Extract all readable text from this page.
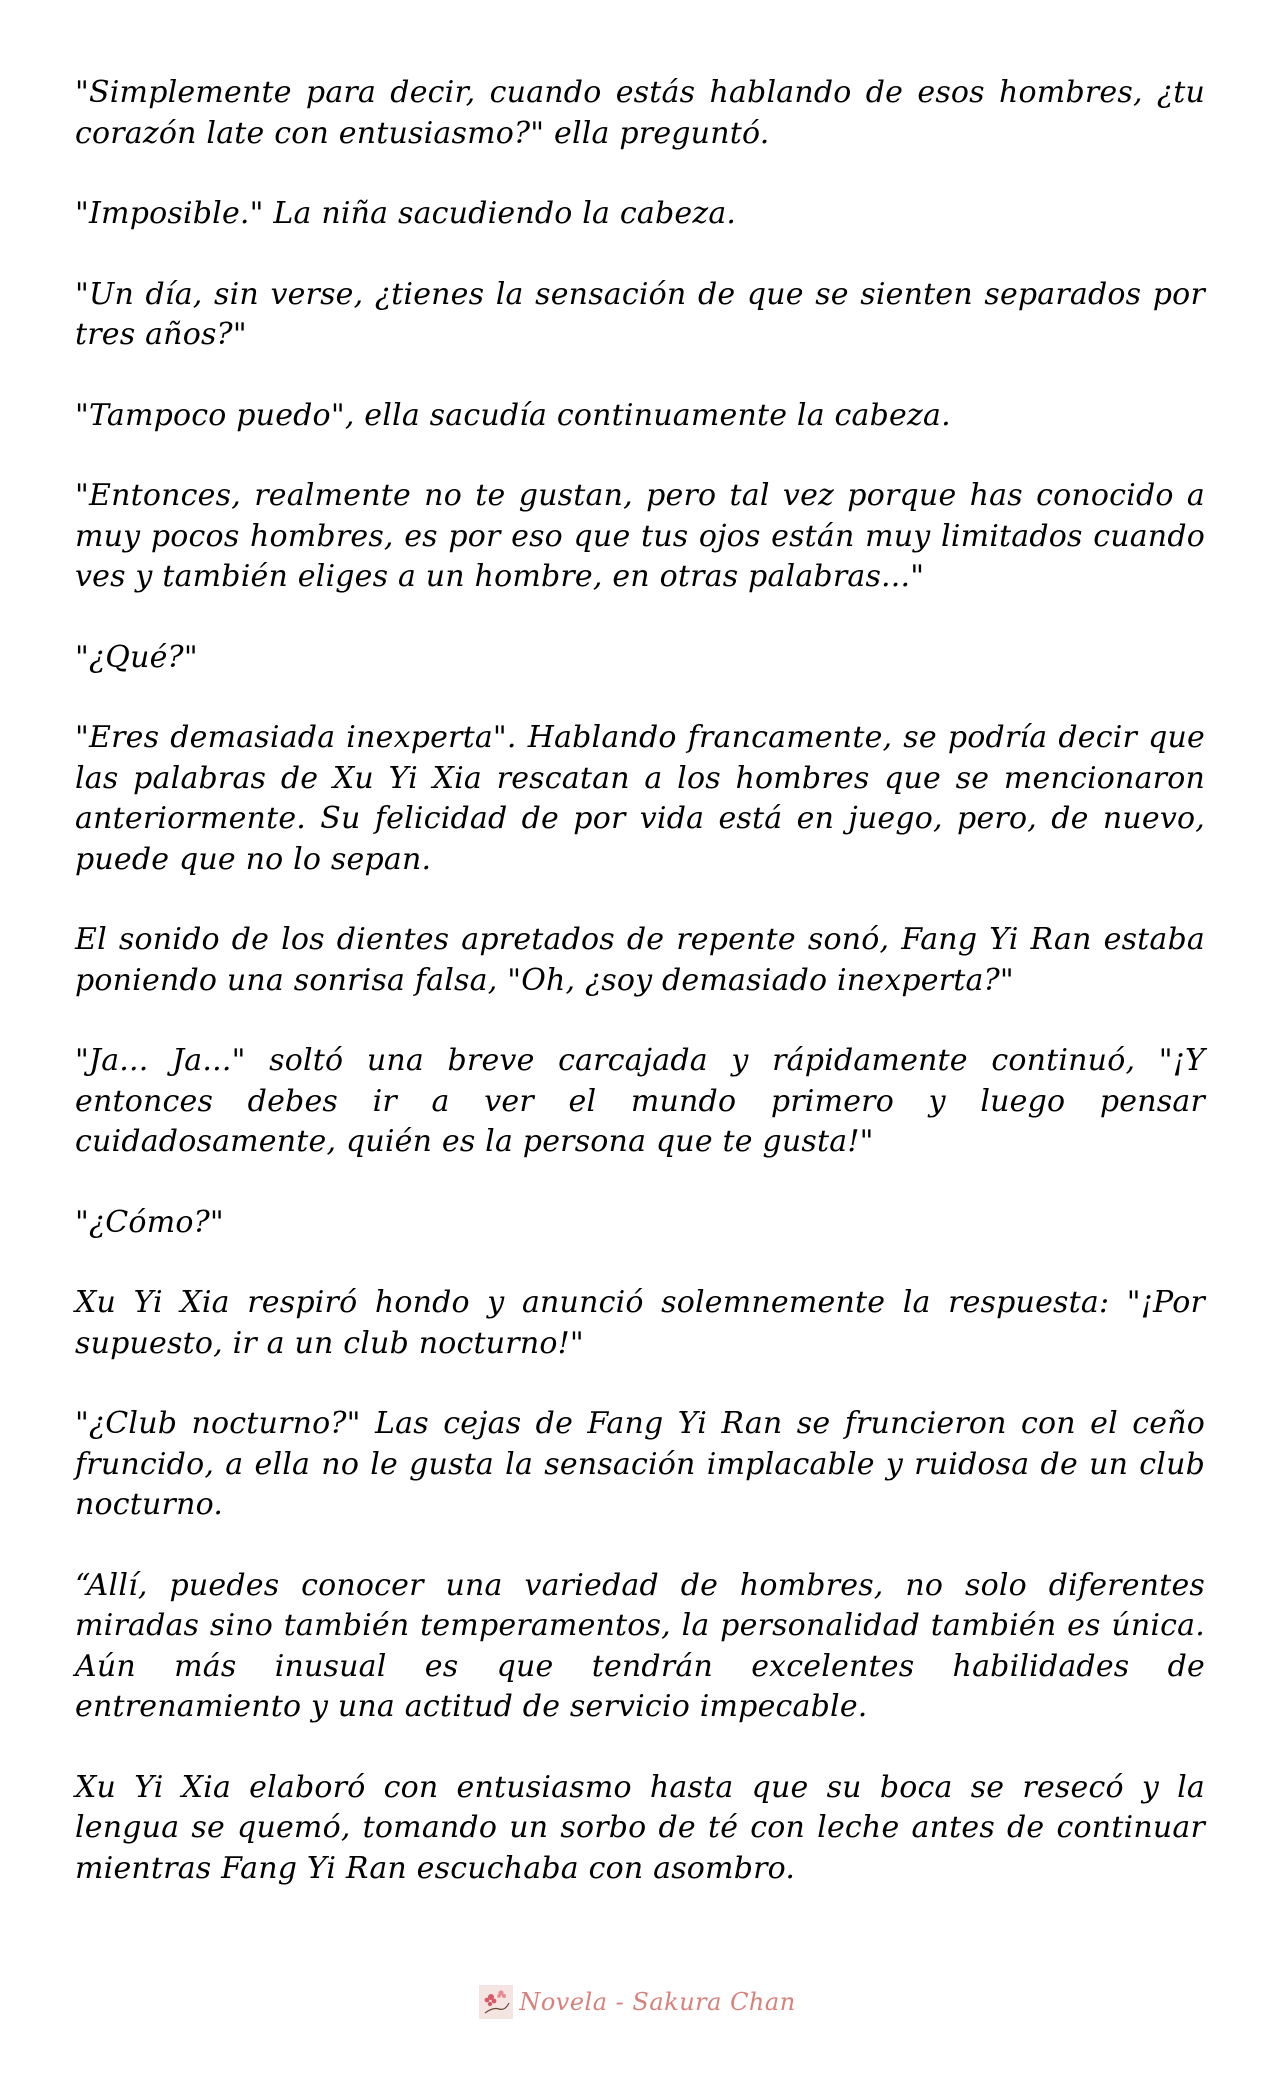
"Simplemente para decir, cuando estás hablando de esos hombres, ¿tu corazón late con entusiasmo?" ella preguntó.

"Imposible." La niña sacudiendo la cabeza.

"Un día, sin verse, ¿tienes la sensación de que se sienten separados por tres años?"

"Tampoco puedo", ella sacudía continuamente la cabeza.

"Entonces, realmente no te gustan, pero tal vez porque has conocido a muy pocos hombres, es por eso que tus ojos están muy limitados cuando ves y también eliges a un hombre, en otras palabras..."

"¿Qué?"

"Eres demasiada inexperta". Hablando francamente, se podría decir que las palabras de Xu Yi Xia rescatan a los hombres que se mencionaron anteriormente. Su felicidad de por vida está en juego, pero, de nuevo, puede que no lo sepan.

El sonido de los dientes apretados de repente sonó, Fang Yi Ran estaba poniendo una sonrisa falsa, "Oh, ¿soy demasiado inexperta?"

"Ja... Ja..." soltó una breve carcajada y rápidamente continuó, "¡Y entonces debes ir a ver el mundo primero y luego pensar cuidadosamente, quién es la persona que te gusta!"

"¿Cómo?"

Xu Yi Xia respiró hondo y anunció solemnemente la respuesta: "¡Por supuesto, ir a un club nocturno!"

"¿Club nocturno?" Las cejas de Fang Yi Ran se fruncieron con el ceño fruncido, a ella no le gusta la sensación implacable y ruidosa de un club nocturno.

“Allí, puedes conocer una variedad de hombres, no solo diferentes miradas sino también temperamentos, la personalidad también es única. Aún más inusual es que tendrán excelentes habilidades de entrenamiento y una actitud de servicio impecable.

Xu Yi Xia elaboró con entusiasmo hasta que su boca se resecó y la lengua se quemó, tomando un sorbo de té con leche antes de continuar mientras Fang Yi Ran escuchaba con asombro.

Novela - Sakura Chan
